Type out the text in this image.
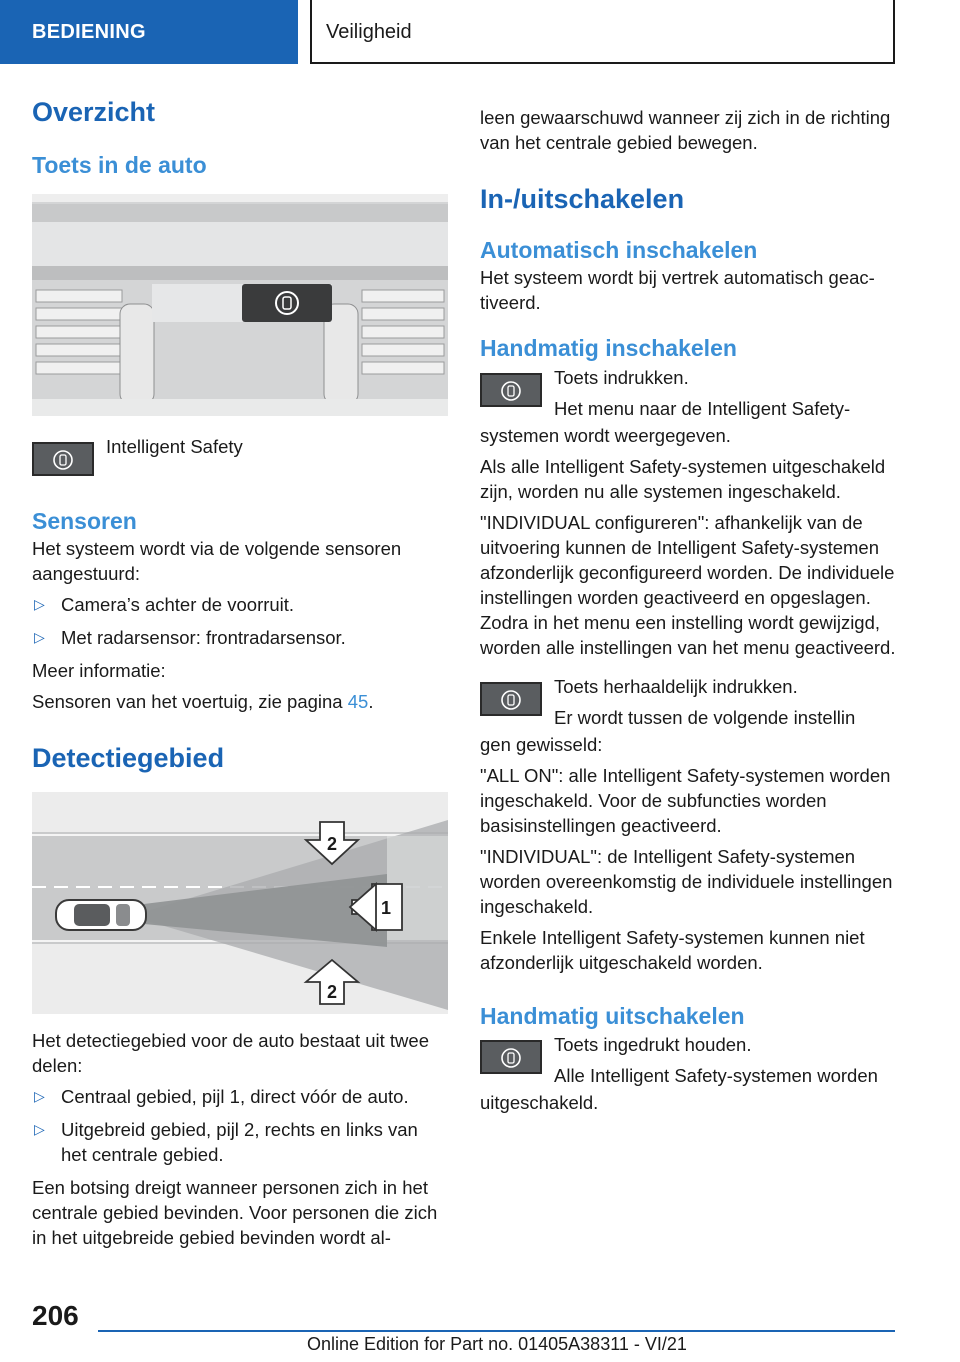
BEDIENING	Veiligheid
Overzicht
Toets in de auto

Intelligent Safety

Sensoren

Het systeem wordt via de volgende sensoren aangestuurd:

▷ Camera’s achter de voorruit.
▷ Met radarsensor: frontradarsensor.

Meer informatie:

Sensoren van het voertuig, zie pagina 45.

Detectiegebied
2
1
2

Het detectiegebied voor de auto bestaat uit twee delen:

▷ Centraal gebied, pijl 1, direct vóór de auto.
▷ Uitgebreid gebied, pijl 2, rechts en links van het centrale gebied.

Een botsing dreigt wanneer personen zich in het centrale gebied bevinden. Voor personen die zich in het uitgebreide gebied bevinden wordt al-

leen gewaarschuwd wanneer zij zich in de richting van het centrale gebied bewegen.

In-/uitschakelen
Automatisch inschakelen

Het systeem wordt bij vertrek automatisch geactiveerd.

Handmatig inschakelen

Toets indrukken.

Het menu naar de Intelligent Safety-

systemen wordt weergegeven.

Als alle Intelligent Safety-systemen uitgeschakeld zijn, worden nu alle systemen ingeschakeld.

"INDIVIDUAL configureren": afhankelijk van de uitvoering kunnen de Intelligent Safety-systemen afzonderlijk geconfigureerd worden. De individuele instellingen worden geactiveerd en opgeslagen. Zodra in het menu een instelling wordt gewijzigd, worden alle instellingen van het menu geactiveerd.

Toets herhaaldelijk indrukken.

Er wordt tussen de volgende instellin

gen gewisseld:

"ALL ON": alle Intelligent Safety-systemen worden ingeschakeld. Voor de subfuncties worden basisinstellingen geactiveerd.

"INDIVIDUAL": de Intelligent Safety-systemen worden overeenkomstig de individuele instellingen ingeschakeld.

Enkele Intelligent Safety-systemen kunnen niet afzonderlijk uitgeschakeld worden.

Handmatig uitschakelen

Toets ingedrukt houden.

Alle Intelligent Safety-systemen worden

uitgeschakeld.

206
Online Edition for Part no. 01405A38311 - VI/21
